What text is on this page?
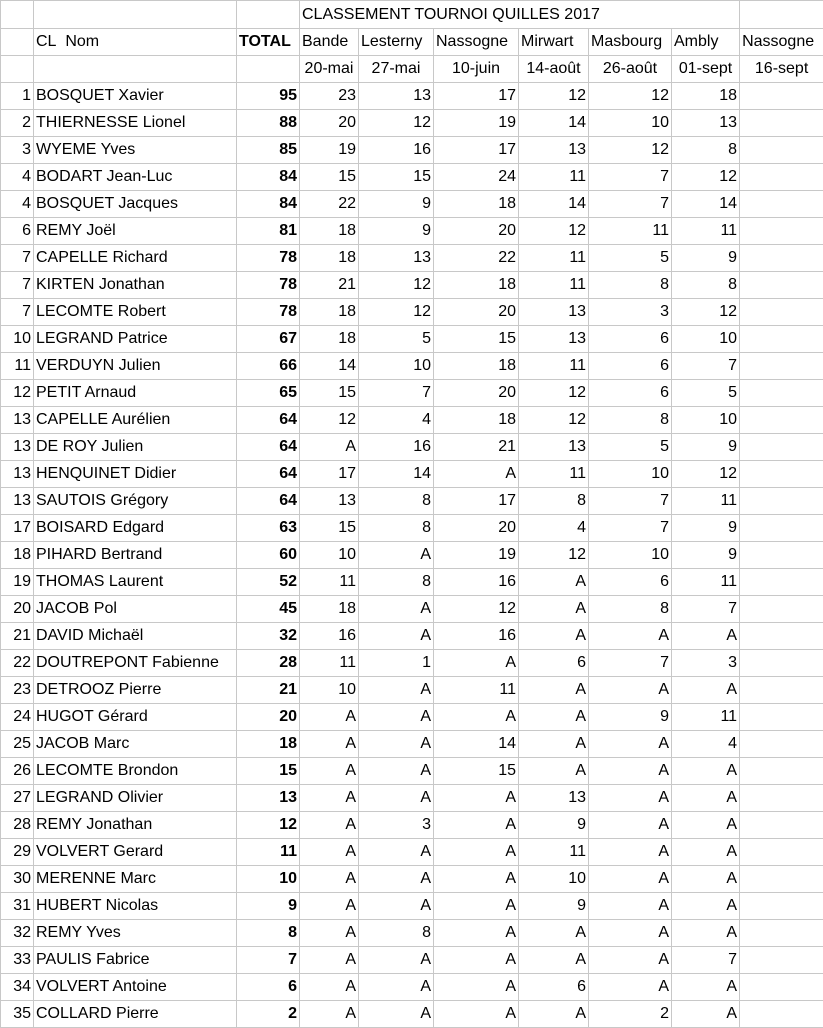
			CLASSEMENT TOURNOI QUILLES 2017						
	CL Nom	TOTAL	Bande	Lesterny	Nassogne	Mirwart	Masbourg	Ambly	Nassogne
			20-mai	27-mai	10-juin	14-août	26-août	01-sept	16-sept
1	BOSQUET Xavier	95	23	13	17	12	12	18	
2	THIERNESSE Lionel	88	20	12	19	14	10	13	
3	WYEME Yves	85	19	16	17	13	12	8	
4	BODART Jean-Luc	84	15	15	24	11	7	12	
4	BOSQUET Jacques	84	22	9	18	14	7	14	
6	REMY Joël	81	18	9	20	12	11	11	
7	CAPELLE Richard	78	18	13	22	11	5	9	
7	KIRTEN Jonathan	78	21	12	18	11	8	8	
7	LECOMTE Robert	78	18	12	20	13	3	12	
10	LEGRAND Patrice	67	18	5	15	13	6	10	
11	VERDUYN Julien	66	14	10	18	11	6	7	
12	PETIT Arnaud	65	15	7	20	12	6	5	
13	CAPELLE Aurélien	64	12	4	18	12	8	10	
13	DE ROY Julien	64	A	16	21	13	5	9	
13	HENQUINET Didier	64	17	14	A	11	10	12	
13	SAUTOIS Grégory	64	13	8	17	8	7	11	
17	BOISARD Edgard	63	15	8	20	4	7	9	
18	PIHARD Bertrand	60	10	A	19	12	10	9	
19	THOMAS Laurent	52	11	8	16	A	6	11	
20	JACOB Pol	45	18	A	12	A	8	7	
21	DAVID Michaël	32	16	A	16	A	A	A	
22	DOUTREPONT Fabienne	28	11	1	A	6	7	3	
23	DETROOZ Pierre	21	10	A	11	A	A	A	
24	HUGOT Gérard	20	A	A	A	A	9	11	
25	JACOB Marc	18	A	A	14	A	A	4	
26	LECOMTE Brondon	15	A	A	15	A	A	A	
27	LEGRAND Olivier	13	A	A	A	13	A	A	
28	REMY Jonathan	12	A	3	A	9	A	A	
29	VOLVERT Gerard	11	A	A	A	11	A	A	
30	MERENNE Marc	10	A	A	A	10	A	A	
31	HUBERT Nicolas	9	A	A	A	9	A	A	
32	REMY Yves	8	A	8	A	A	A	A	
33	PAULIS Fabrice	7	A	A	A	A	A	7	
34	VOLVERT Antoine	6	A	A	A	6	A	A	
35	COLLARD Pierre	2	A	A	A	A	2	A	
